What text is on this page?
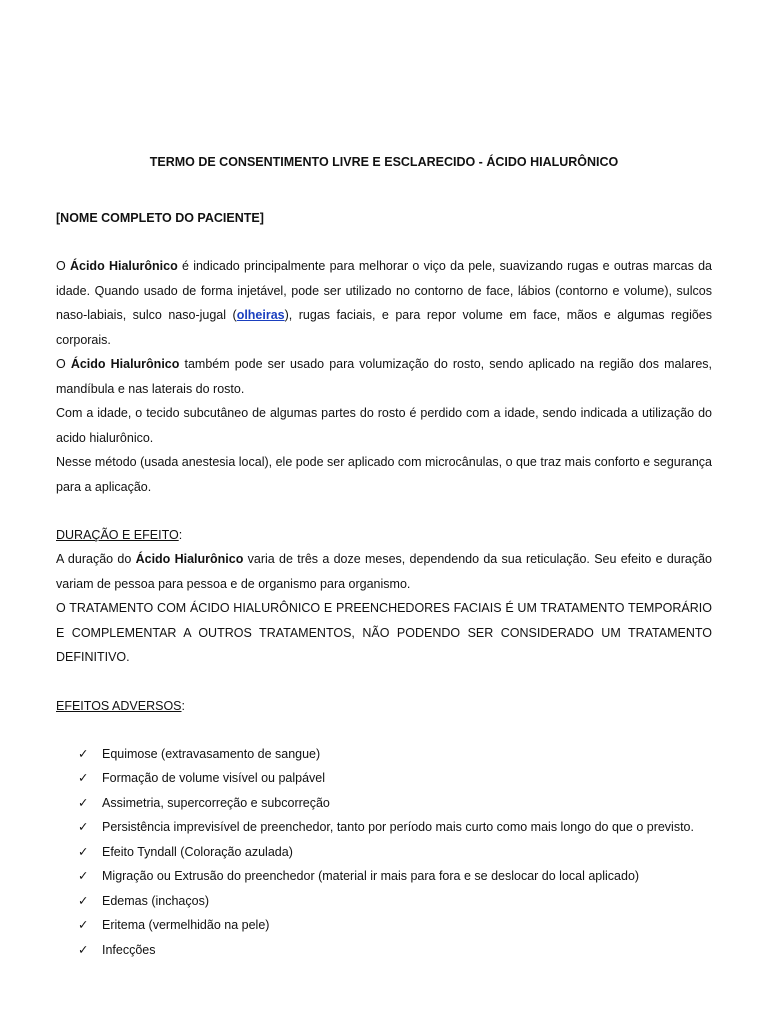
TERMO DE CONSENTIMENTO LIVRE E ESCLARECIDO - ÁCIDO HIALURÔNICO

[NOME COMPLETO DO PACIENTE]

O Ácido Hialurônico é indicado principalmente para melhorar o viço da pele, suavizando rugas e outras marcas da idade. Quando usado de forma injetável, pode ser utilizado no contorno de face, lábios (contorno e volume), sulcos naso-labiais, sulco naso-jugal (olheiras), rugas faciais, e para repor volume em face, mãos e algumas regiões corporais.

O Ácido Hialurônico também pode ser usado para volumização do rosto, sendo aplicado na região dos malares, mandíbula e nas laterais do rosto.

Com a idade, o tecido subcutâneo de algumas partes do rosto é perdido com a idade, sendo indicada a utilização do acido hialurônico.

Nesse método (usada anestesia local), ele pode ser aplicado com microcânulas, o que traz mais conforto e segurança para a aplicação.

DURAÇÃO E EFEITO:

A duração do Ácido Hialurônico varia de três a doze meses, dependendo da sua reticulação. Seu efeito e duração variam de pessoa para pessoa e de organismo para organismo.

O TRATAMENTO COM ÁCIDO HIALURÔNICO E PREENCHEDORES FACIAIS É UM TRATAMENTO TEMPORÁRIO E COMPLEMENTAR A OUTROS TRATAMENTOS, NÃO PODENDO SER CONSIDERADO UM TRATAMENTO DEFINITIVO.

EFEITOS ADVERSOS:
✓ Equimose (extravasamento de sangue)
✓ Formação de volume visível ou palpável
✓ Assimetria, supercorreção e subcorreção
✓ Persistência imprevisível de preenchedor, tanto por período mais curto como mais longo do que o previsto.
✓ Efeito Tyndall (Coloração azulada)
✓ Migração ou Extrusão do preenchedor (material ir mais para fora e se deslocar do local aplicado)
✓ Edemas (inchaços)
✓ Eritema (vermelhidão na pele)
✓ Infecções
